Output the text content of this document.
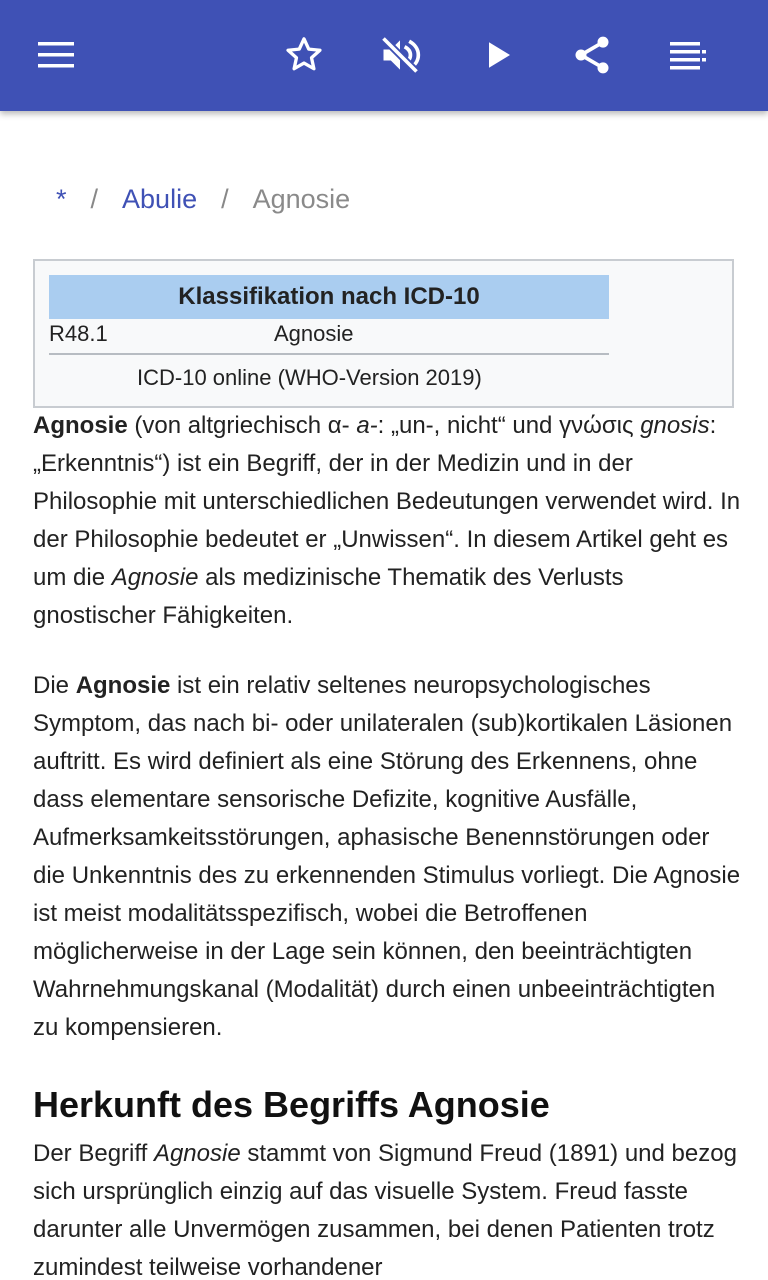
* / Abulie / Agnosie
Klassifikation nach ICD-10
R48.1	Agnosie
ICD-10 online (WHO-Version 2019)

Agnosie (von altgriechisch α- a-: „un-, nicht“ und γνώσις gnosis: „Erkenntnis“) ist ein Begriff, der in der Medizin und in der Philosophie mit unterschiedlichen Bedeutungen verwendet wird. In der Philosophie bedeutet er „Unwissen“. In diesem Artikel geht es um die Agnosie als medizinische Thematik des Verlusts gnostischer Fähigkeiten.

Die Agnosie ist ein relativ seltenes neuropsychologisches Symptom, das nach bi- oder unilateralen (sub)kortikalen Läsionen auftritt. Es wird definiert als eine Störung des Erkennens, ohne dass elementare sensorische Defizite, kognitive Ausfälle, Aufmerksamkeitsstörungen, aphasische Benennstörungen oder die Unkenntnis des zu erkennenden Stimulus vorliegt. Die Agnosie ist meist modalitätsspezifisch, wobei die Betroffenen möglicherweise in der Lage sein können, den beeinträchtigten Wahrnehmungskanal (Modalität) durch einen unbeeinträchtigten zu kompensieren.

Herkunft des Begriffs Agnosie

Der Begriff Agnosie stammt von Sigmund Freud (1891) und bezog sich ursprünglich einzig auf das visuelle System. Freud fasste darunter alle Unvermögen zusammen, bei denen Patienten trotz zumindest teilweise vorhandener
